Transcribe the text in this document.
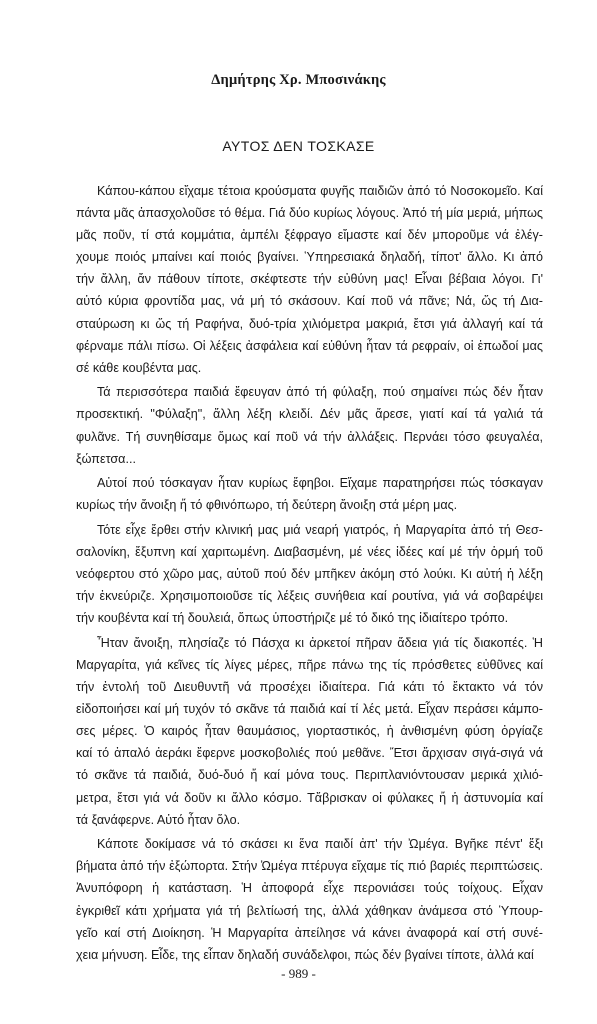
Δημήτρης Χρ. Μποσινάκης
ΑΥΤΟΣ ΔΕΝ ΤΟΣΚΑΣΕ
Κάπου-κάπου εἴχαμε τέτοια κρούσματα φυγῆς παιδιῶν ἀπό τό Νοσοκομεῖο. Καί
πάντα μᾶς ἀπασχολοῦσε τό θέμα. Γιά δύο κυρίως λόγους. Ἀπό τή μία μεριά, μήπως
μᾶς ποῦν, τί στά κομμάτια, ἀμπέλι ξέφραγο εἴμαστε καί δέν μποροῦμε νά ἐλέγ-
χουμε ποιός μπαίνει καί ποιός βγαίνει. Ὑπηρεσιακά δηλαδή, τίποτ' ἄλλο. Κι ἀπό
τήν ἄλλη, ἄν πάθουν τίποτε, σκέφτεστε τήν εὐθύνη μας! Εἶναι βέβαια λόγοι. Γι'
αὐτό κύρια φροντίδα μας, νά μή τό σκάσουν. Καί ποῦ νά πᾶνε; Νά, ὥς τή Δια-
σταύρωση κι ὥς τή Ραφήνα, δυό-τρία χιλιόμετρα μακριά, ἔτσι γιά ἀλλαγή καί τά
φέρναμε πάλι πίσω. Οἱ λέξεις ἀσφάλεια καί εὐθύνη ἦταν τά ρεφραίν, οἱ ἐπωδοί μας
σέ κάθε κουβέντα μας.
Τά περισσότερα παιδιά ἔφευγαν ἀπό τή φύλαξη, πού σημαίνει πώς δέν ἦταν
προσεκτική. "Φύλαξη", ἄλλη λέξη κλειδί. Δέν μᾶς ἄρεσε, γιατί καί τά γαλιά τά
φυλᾶνε. Τή συνηθίσαμε ὅμως καί ποῦ νά τήν ἀλλάξεις. Περνάει τόσο φευγαλέα,
ξώπετσα...
Αὐτοί πού τόσκαγαν ἦταν κυρίως ἔφηβοι. Εἴχαμε παρατηρήσει πώς τόσκαγαν
κυρίως τήν ἄνοιξη ἤ τό φθινόπωρο, τή δεύτερη ἄνοιξη στά μέρη μας.
Τότε εἶχε ἔρθει στήν κλινική μας μιά νεαρή γιατρός, ἡ Μαργαρίτα ἀπό τή Θεσ-
σαλονίκη, ἔξυπνη καί χαριτωμένη. Διαβασμένη, μέ νέες ἰδέες καί μέ τήν ὁρμή τοῦ
νεόφερτου στό χῶρο μας, αὐτοῦ πού δέν μπῆκεν ἀκόμη στό λούκι. Κι αὐτή ἡ λέξη
τήν ἐκνεύριζε. Χρησιμοποιοῦσε τίς λέξεις συνήθεια καί ρουτίνα, γιά νά σοβαρέψει
τήν κουβέντα καί τή δουλειά, ὅπως ὑποστήριζε μέ τό δικό της ἰδιαίτερο τρόπο.
Ἦταν ἄνοιξη, πλησίαζε τό Πάσχα κι ἀρκετοί πῆραν ἄδεια γιά τίς διακοπές. Ἡ
Μαργαρίτα, γιά κεῖνες τίς λίγες μέρες, πῆρε πάνω της τίς πρόσθετες εὐθῦνες καί
τήν ἐντολή τοῦ Διευθυντῆ νά προσέχει ἰδιαίτερα. Γιά κάτι τό ἔκτακτο νά τόν
εἰδοποιήσει καί μή τυχόν τό σκᾶνε τά παιδιά καί τί λές μετά. Εἶχαν περάσει κάμπο-
σες μέρες. Ὁ καιρός ἦταν θαυμάσιος, γιορταστικός, ἡ ἀνθισμένη φύση ὀργίαζε
καί τό ἁπαλό ἀεράκι ἔφερνε μοσκοβολιές πού μεθᾶνε. Ἔτσι ἄρχισαν σιγά-σιγά νά
τό σκᾶνε τά παιδιά, δυό-δυό ἤ καί μόνα τους. Περιπλανιόντουσαν μερικά χιλιό-
μετρα, ἔτσι γιά νά δοῦν κι ἄλλο κόσμο. Τἄβρισκαν οἱ φύλακες ἤ ἡ ἀστυνομία καί
τά ξανάφερνε. Αὐτό ἦταν ὅλο.
Κάποτε δοκίμασε νά τό σκάσει κι ἕνα παιδί ἀπ' τήν Ὠμέγα. Βγῆκε πέντ' ἔξι
βήματα ἀπό τήν ἐξώπορτα. Στήν Ὠμέγα πτέρυγα εἴχαμε τίς πιό βαριές περιπτώσεις.
Ἀνυπόφορη ἡ κατάσταση. Ἡ ἀποφορά εἶχε περονιάσει τούς τοίχους. Εἶχαν
ἐγκριθεῖ κάτι χρήματα γιά τή βελτίωσή της, ἀλλά χάθηκαν ἀνάμεσα στό Ὑπουρ-
γεῖο καί στή Διοίκηση. Ἡ Μαργαρίτα ἀπείλησε νά κάνει ἀναφορά καί στή συνέ-
χεια μήνυση. Εἶδε, της εἶπαν δηλαδή συνάδελφοι, πώς δέν βγαίνει τίποτε, ἀλλά καί
- 989 -
